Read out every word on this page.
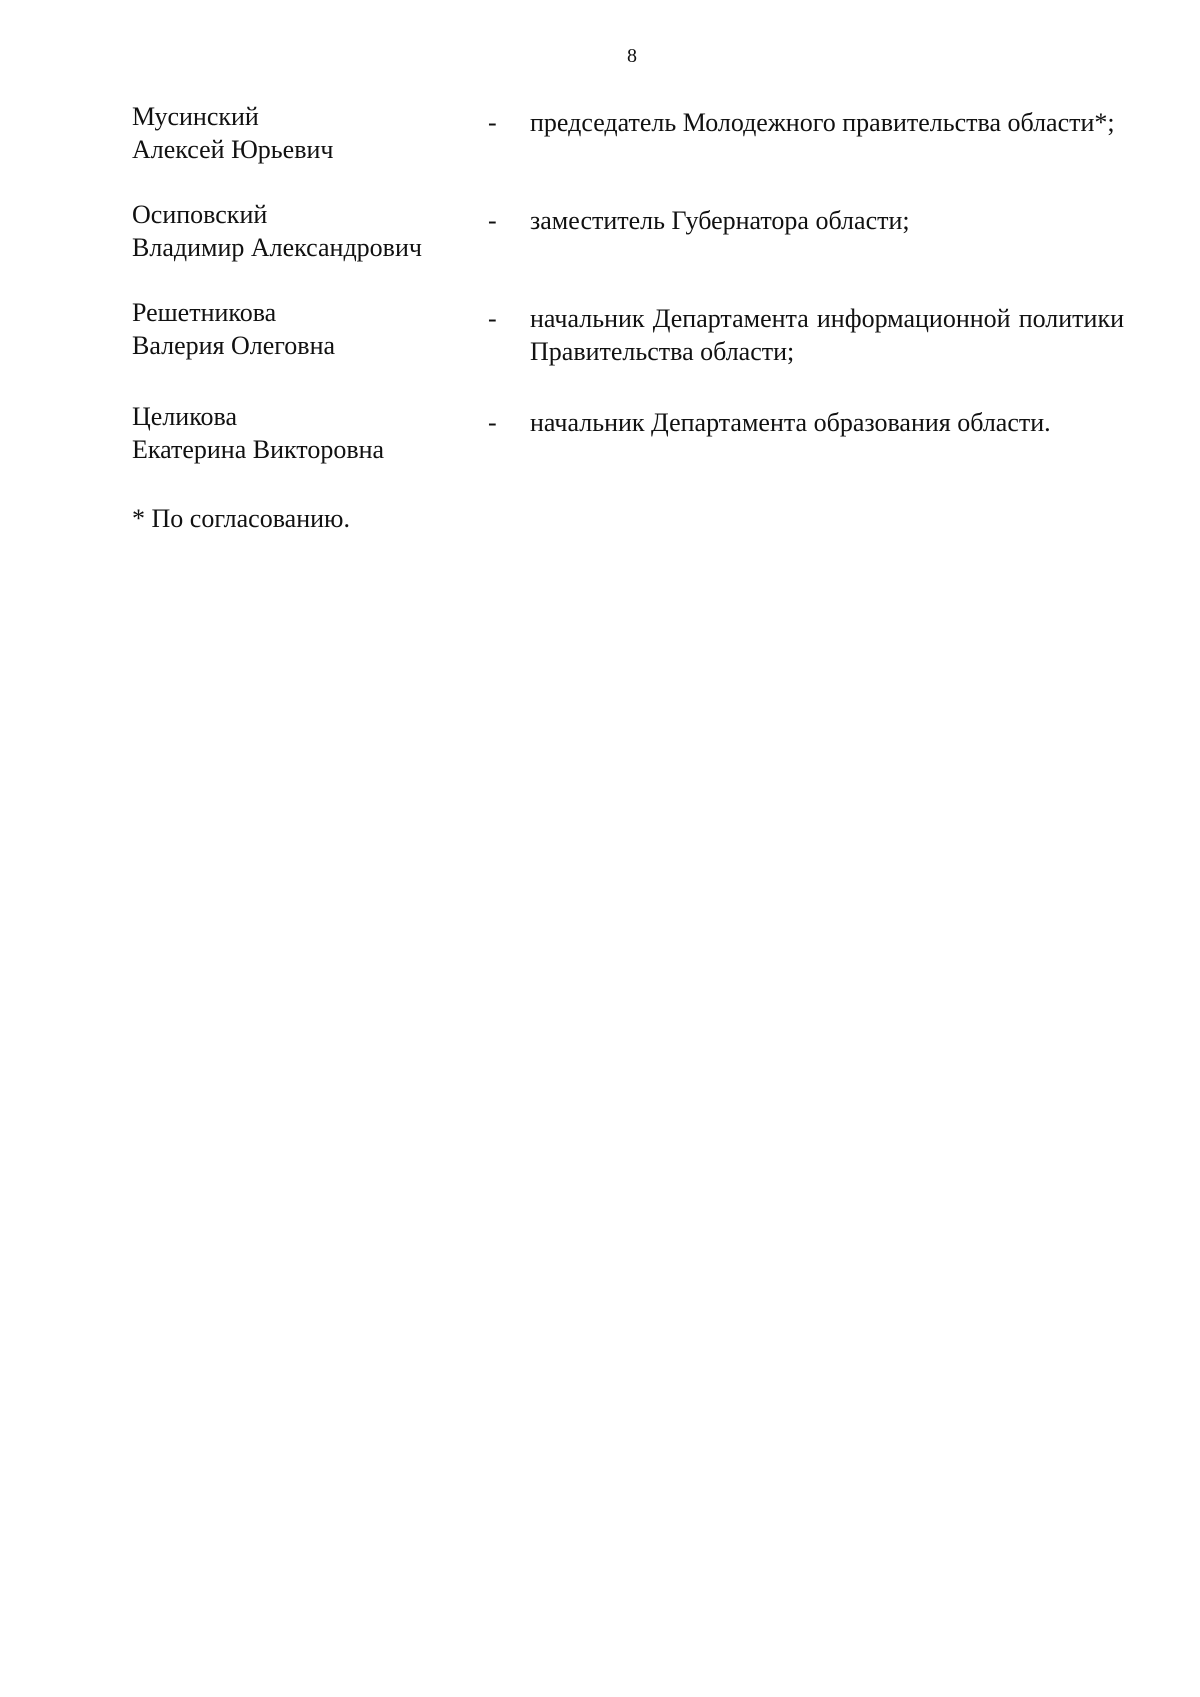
8
Мусинский
Алексей Юрьевич
-	председатель Молодежного правительства области*;
Осиповский
Владимир Александрович
-	заместитель Губернатора области;
Решетникова
Валерия Олеговна
-	начальник Департамента информационной политики Правительства области;
Целикова
Екатерина Викторовна
-	начальник Департамента образования области.
* По согласованию.
